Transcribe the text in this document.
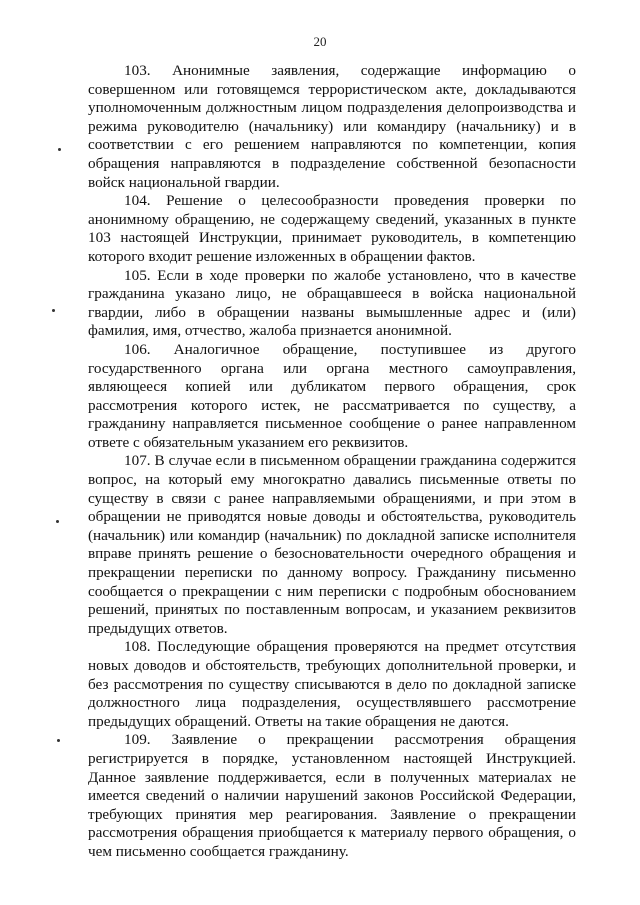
20

103. Анонимные заявления, содержащие информацию о совершенном или готовящемся террористическом акте, докладываются уполномоченным должностным лицом подразделения делопроизводства и режима руководителю (начальнику) или командиру (начальнику) и в соответствии с его решением направляются по компетенции, копия обращения направляются в подразделение собственной безопасности войск национальной гвардии.

104. Решение о целесообразности проведения проверки по анонимному обращению, не содержащему сведений, указанных в пункте 103 настоящей Инструкции, принимает руководитель, в компетенцию которого входит решение изложенных в обращении фактов.

105. Если в ходе проверки по жалобе установлено, что в качестве гражданина указано лицо, не обращавшееся в войска национальной гвардии, либо в обращении названы вымышленные адрес и (или) фамилия, имя, отчество, жалоба признается анонимной.

106. Аналогичное обращение, поступившее из другого государственного органа или органа местного самоуправления, являющееся копией или дубликатом первого обращения, срок рассмотрения которого истек, не рассматривается по существу, а гражданину направляется письменное сообщение о ранее направленном ответе с обязательным указанием его реквизитов.

107. В случае если в письменном обращении гражданина содержится вопрос, на который ему многократно давались письменные ответы по существу в связи с ранее направляемыми обращениями, и при этом в обращении не приводятся новые доводы и обстоятельства, руководитель (начальник) или командир (начальник) по докладной записке исполнителя вправе принять решение о безосновательности очередного обращения и прекращении переписки по данному вопросу. Гражданину письменно сообщается о прекращении с ним переписки с подробным обоснованием решений, принятых по поставленным вопросам, и указанием реквизитов предыдущих ответов.

108. Последующие обращения проверяются на предмет отсутствия новых доводов и обстоятельств, требующих дополнительной проверки, и без рассмотрения по существу списываются в дело по докладной записке должностного лица подразделения, осуществлявшего рассмотрение предыдущих обращений. Ответы на такие обращения не даются.

109. Заявление о прекращении рассмотрения обращения регистрируется в порядке, установленном настоящей Инструкцией. Данное заявление поддерживается, если в полученных материалах не имеется сведений о наличии нарушений законов Российской Федерации, требующих принятия мер реагирования. Заявление о прекращении рассмотрения обращения приобщается к материалу первого обращения, о чем письменно сообщается гражданину.
